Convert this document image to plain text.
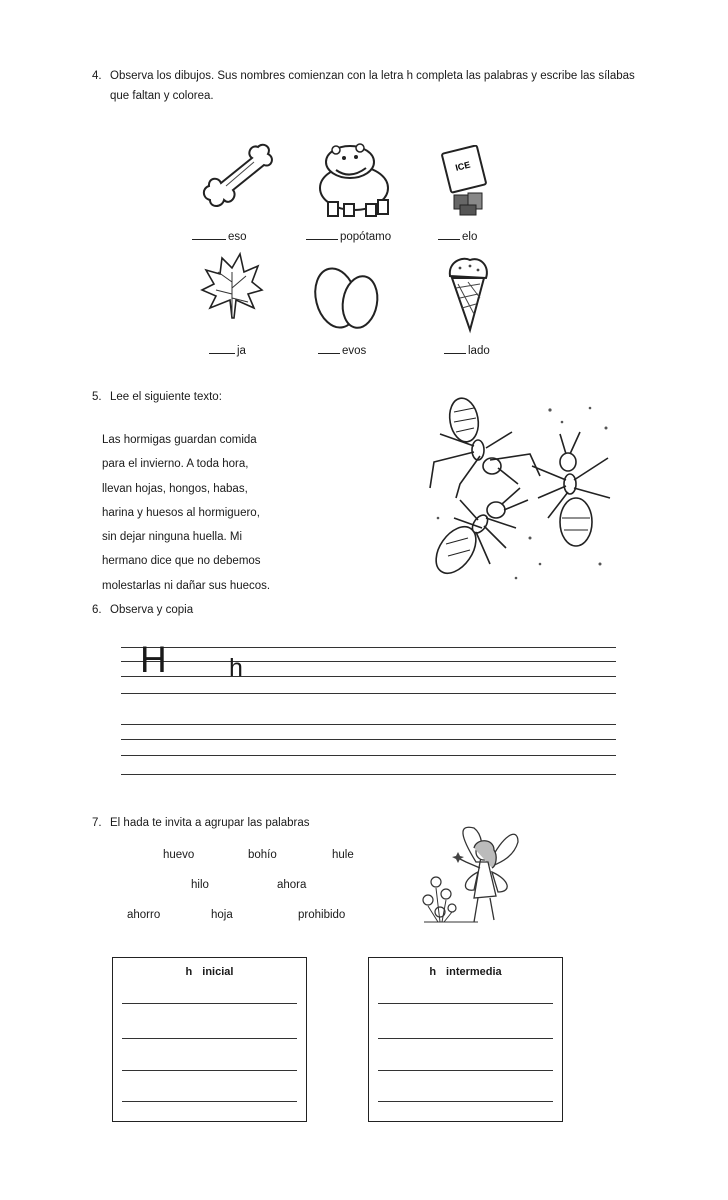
4. Observa los dibujos. Sus nombres comienzan con la letra h completa las palabras y escribe las sílabas
que faltan y colorea.
ICE
eso	popótamo	elo
ja	evos	lado
5. Lee el siguiente texto:
Las hormigas guardan comida
para el invierno. A toda hora,
llevan hojas, hongos, habas,
harina y huesos al hormiguero,
sin dejar ninguna huella. Mi
hermano dice que no debemos
molestarlas ni dañar sus huecos.
6. Observa y copia
H h
7. El hada te invita a agrupar las palabras
huevo	bohío	hule
hilo	ahora
ahorro	hoja	prohibido
h inicial	h intermedia
